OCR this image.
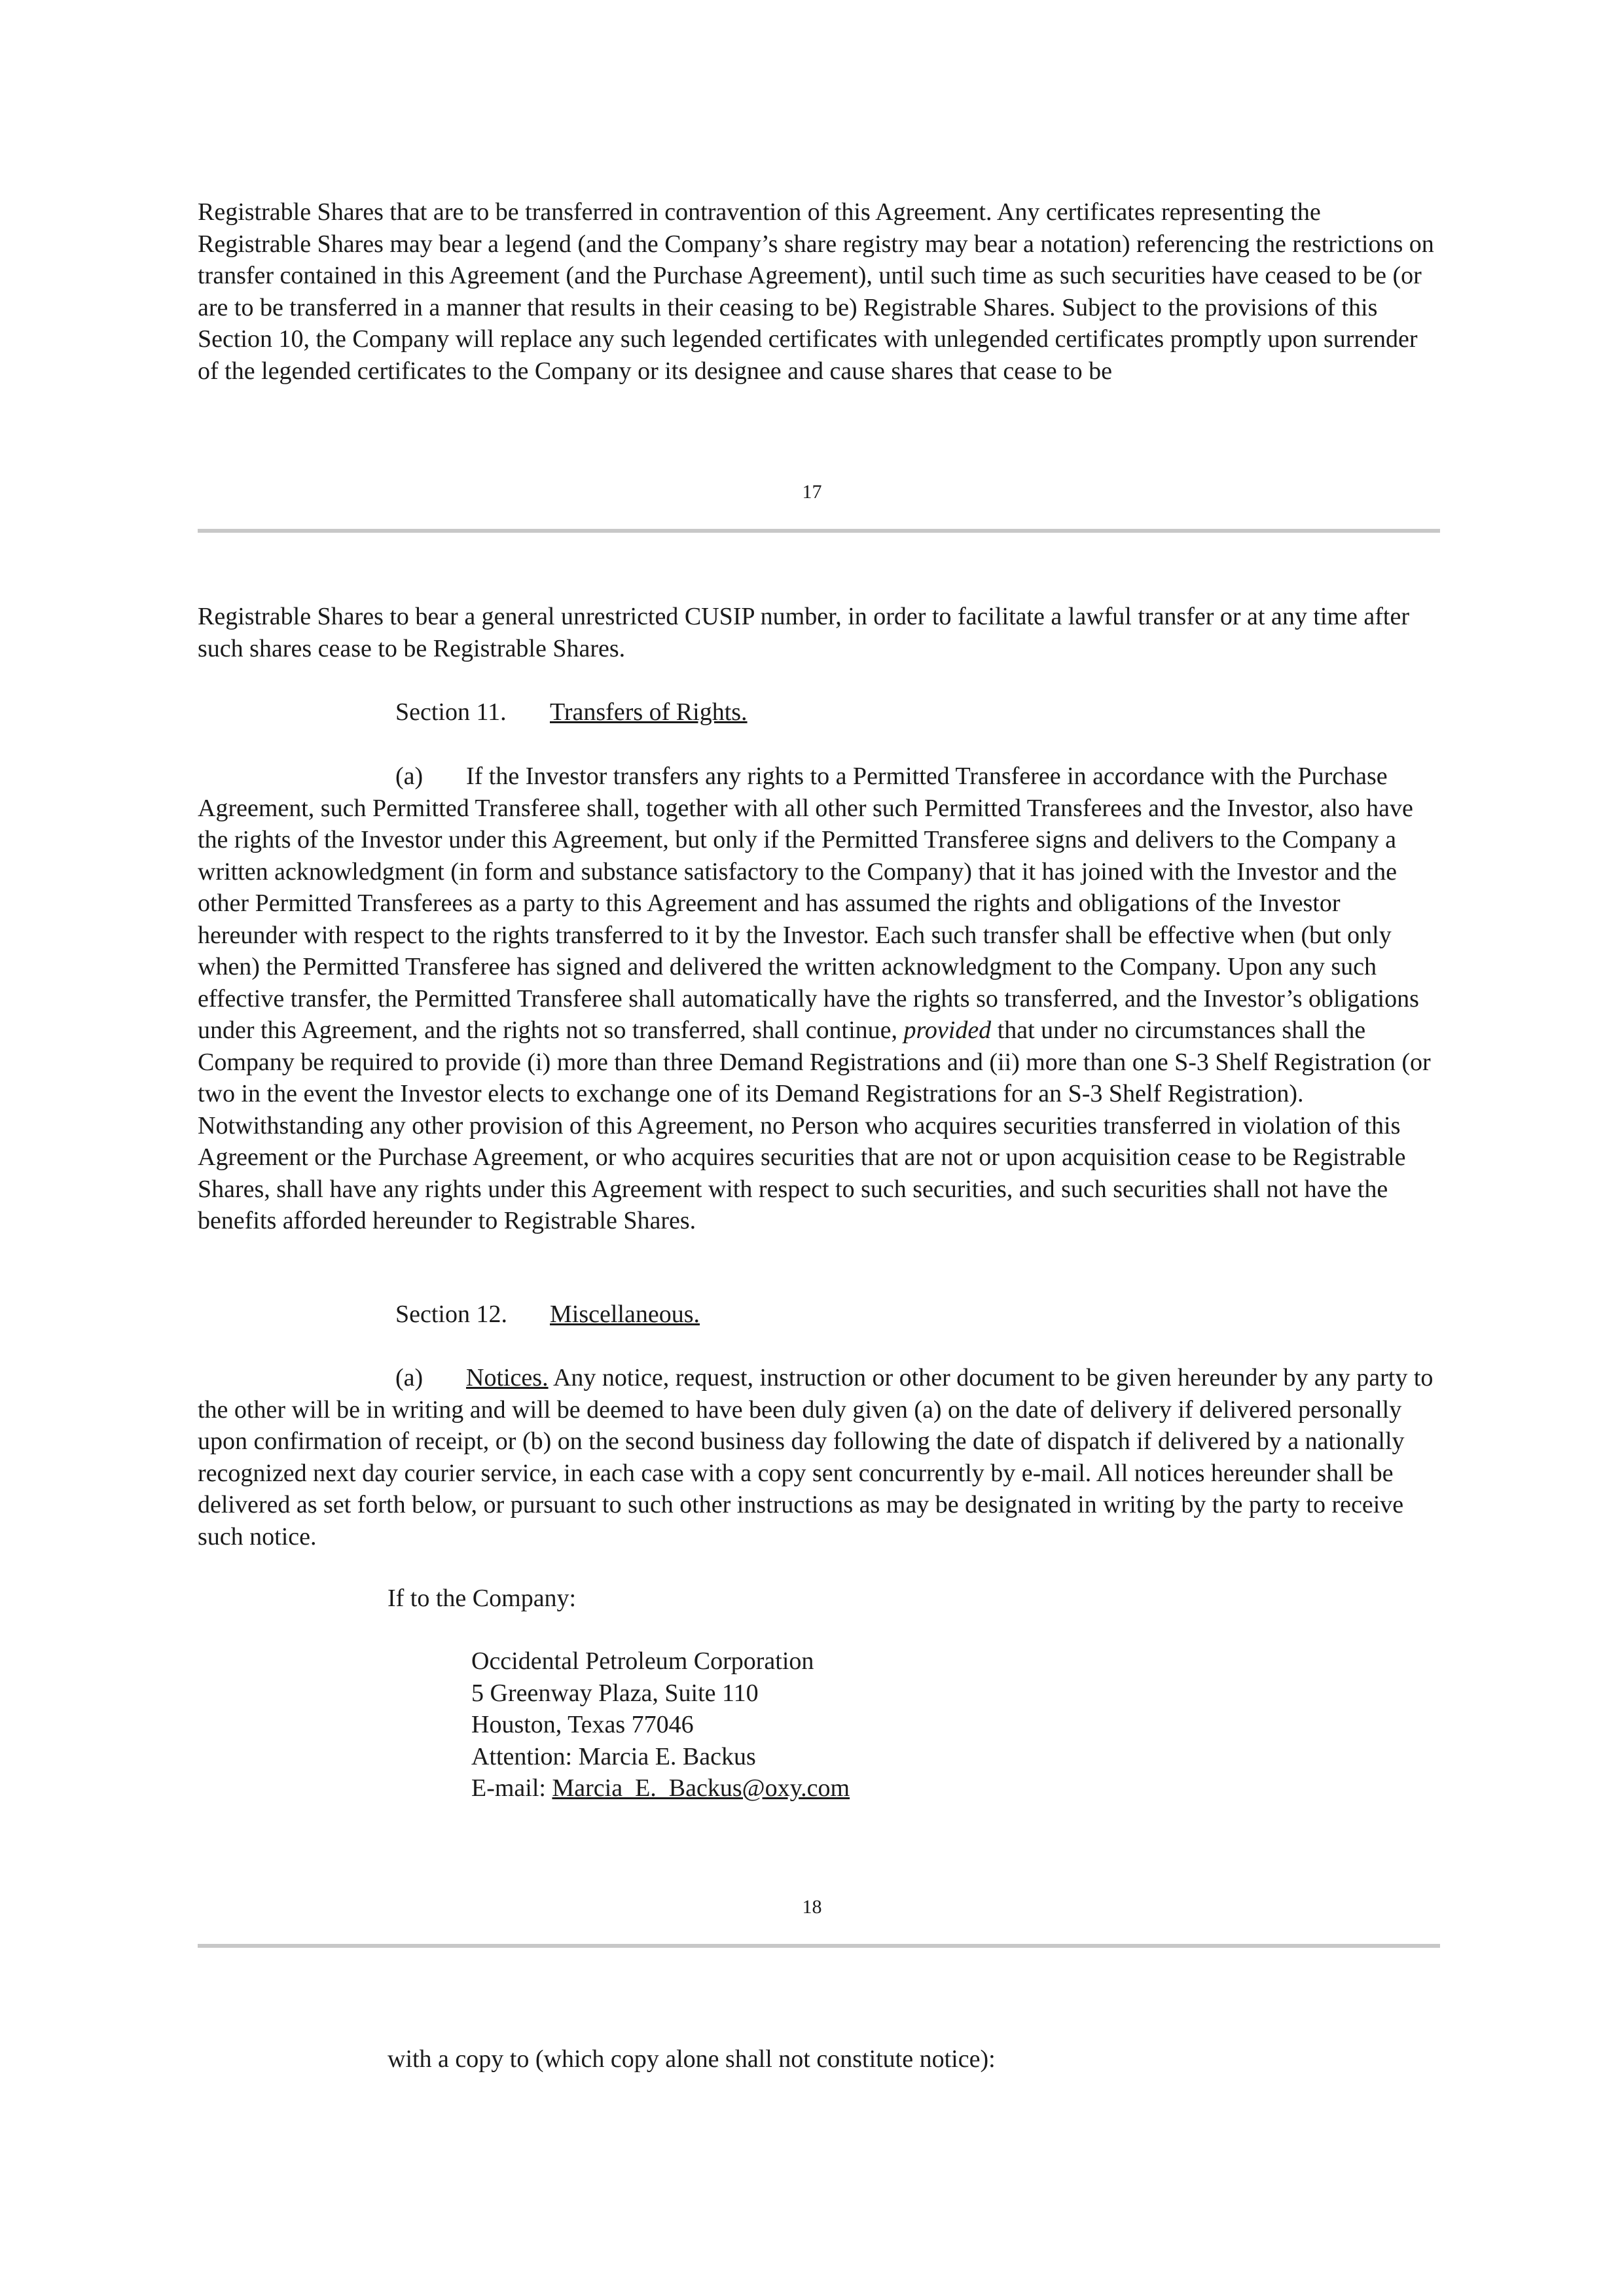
Registrable Shares that are to be transferred in contravention of this Agreement. Any certificates representing the Registrable Shares may bear a legend (and the Company’s share registry may bear a notation) referencing the restrictions on transfer contained in this Agreement (and the Purchase Agreement), until such time as such securities have ceased to be (or are to be transferred in a manner that results in their ceasing to be) Registrable Shares. Subject to the provisions of this Section 10, the Company will replace any such legended certificates with unlegended certificates promptly upon surrender of the legended certificates to the Company or its designee and cause shares that cease to be

17

Registrable Shares to bear a general unrestricted CUSIP number, in order to facilitate a lawful transfer or at any time after such shares cease to be Registrable Shares.

Section 11. Transfers of Rights.

(a) If the Investor transfers any rights to a Permitted Transferee in accordance with the Purchase Agreement, such Permitted Transferee shall, together with all other such Permitted Transferees and the Investor, also have the rights of the Investor under this Agreement, but only if the Permitted Transferee signs and delivers to the Company a written acknowledgment (in form and substance satisfactory to the Company) that it has joined with the Investor and the other Permitted Transferees as a party to this Agreement and has assumed the rights and obligations of the Investor hereunder with respect to the rights transferred to it by the Investor. Each such transfer shall be effective when (but only when) the Permitted Transferee has signed and delivered the written acknowledgment to the Company. Upon any such effective transfer, the Permitted Transferee shall automatically have the rights so transferred, and the Investor’s obligations under this Agreement, and the rights not so transferred, shall continue, provided that under no circumstances shall the Company be required to provide (i) more than three Demand Registrations and (ii) more than one S-3 Shelf Registration (or two in the event the Investor elects to exchange one of its Demand Registrations for an S-3 Shelf Registration). Notwithstanding any other provision of this Agreement, no Person who acquires securities transferred in violation of this Agreement or the Purchase Agreement, or who acquires securities that are not or upon acquisition cease to be Registrable Shares, shall have any rights under this Agreement with respect to such securities, and such securities shall not have the benefits afforded hereunder to Registrable Shares.

Section 12. Miscellaneous.

(a) Notices. Any notice, request, instruction or other document to be given hereunder by any party to the other will be in writing and will be deemed to have been duly given (a) on the date of delivery if delivered personally upon confirmation of receipt, or (b) on the second business day following the date of dispatch if delivered by a nationally recognized next day courier service, in each case with a copy sent concurrently by e-mail. All notices hereunder shall be delivered as set forth below, or pursuant to such other instructions as may be designated in writing by the party to receive such notice.

If to the Company:

Occidental Petroleum Corporation

5 Greenway Plaza, Suite 110

Houston, Texas 77046

Attention: Marcia E. Backus

E-mail: Marcia_E._Backus@oxy.com

18

with a copy to (which copy alone shall not constitute notice):
